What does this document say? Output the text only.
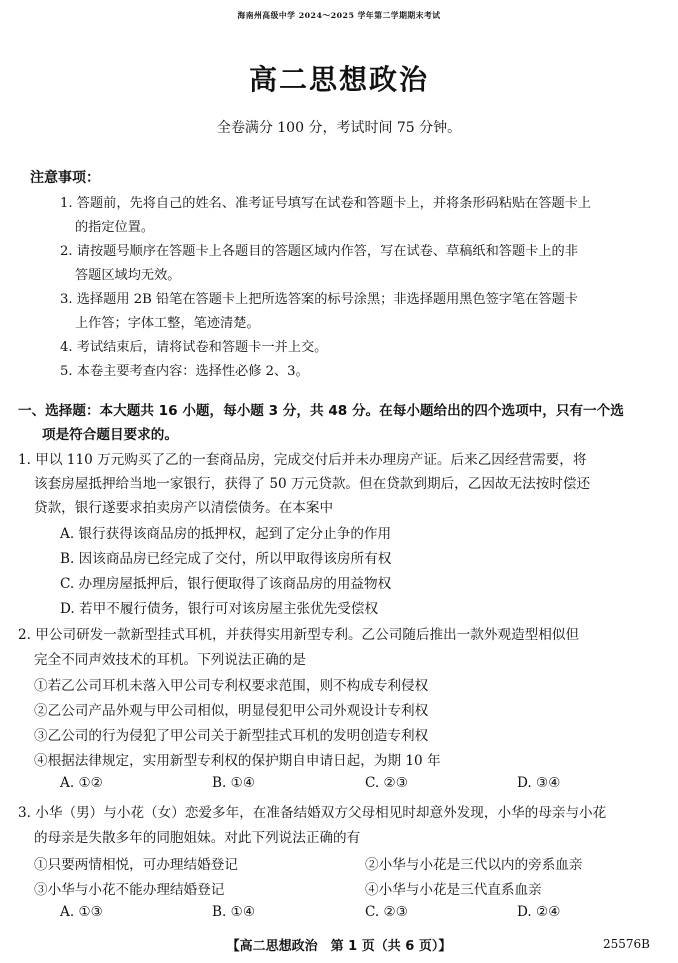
海南州高级中学 2024～2025 学年第二学期期末考试
高二思想政治
全卷满分 100 分，考试时间 75 分钟。
注意事项：
1. 答题前，先将自己的姓名、准考证号填写在试卷和答题卡上，并将条形码粘贴在答题卡上
的指定位置。
2. 请按题号顺序在答题卡上各题目的答题区域内作答，写在试卷、草稿纸和答题卡上的非
答题区域均无效。
3. 选择题用 2B 铅笔在答题卡上把所选答案的标号涂黑；非选择题用黑色签字笔在答题卡
上作答；字体工整，笔迹清楚。
4. 考试结束后，请将试卷和答题卡一并上交。
5. 本卷主要考查内容：选择性必修 2、3。
一、选择题：本大题共 16 小题，每小题 3 分，共 48 分。在每小题给出的四个选项中，只有一个选
项是符合题目要求的。
1. 甲以 110 万元购买了乙的一套商品房，完成交付后并未办理房产证。后来乙因经营需要，将
该套房屋抵押给当地一家银行，获得了 50 万元贷款。但在贷款到期后，乙因故无法按时偿还
贷款，银行遂要求拍卖房产以清偿债务。在本案中
A. 银行获得该商品房的抵押权，起到了定分止争的作用
B. 因该商品房已经完成了交付，所以甲取得该房所有权
C. 办理房屋抵押后，银行便取得了该商品房的用益物权
D. 若甲不履行债务，银行可对该房屋主张优先受偿权
2. 甲公司研发一款新型挂式耳机，并获得实用新型专利。乙公司随后推出一款外观造型相似但
完全不同声效技术的耳机。下列说法正确的是
①若乙公司耳机未落入甲公司专利权要求范围，则不构成专利侵权
②乙公司产品外观与甲公司相似，明显侵犯甲公司外观设计专利权
③乙公司的行为侵犯了甲公司关于新型挂式耳机的发明创造专利权
④根据法律规定，实用新型专利权的保护期自申请日起，为期 10 年
A. ①②	B. ①④	C. ②③	D. ③④
3. 小华（男）与小花（女）恋爱多年，在准备结婚双方父母相见时却意外发现，小华的母亲与小花
的母亲是失散多年的同胞姐妹。对此下列说法正确的有
①只要两情相悦，可办理结婚登记	②小华与小花是三代以内的旁系血亲
③小华与小花不能办理结婚登记	④小华与小花是三代直系血亲
A. ①③	B. ①④	C. ②③	D. ②④
【高二思想政治　第 1 页（共 6 页）】	25576B
